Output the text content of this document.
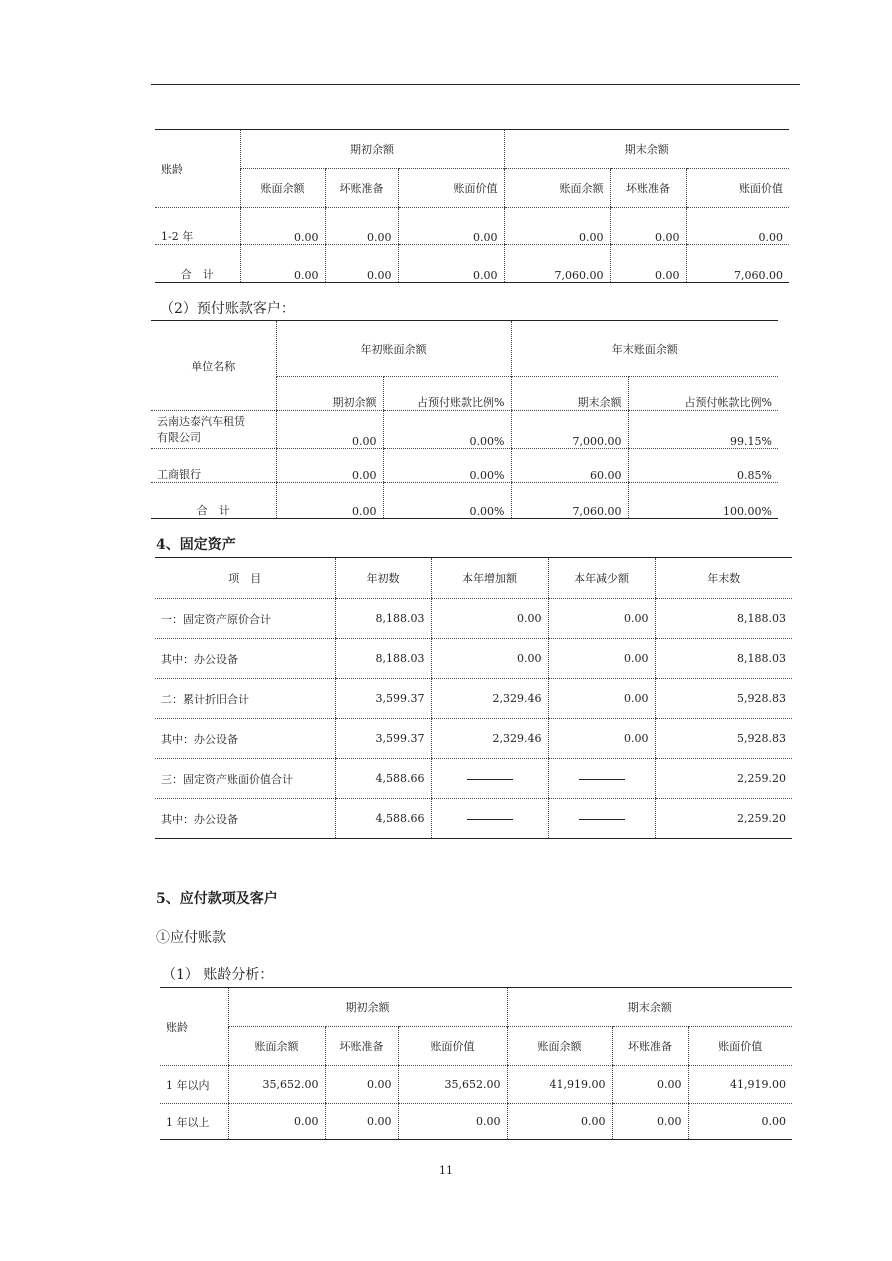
账龄	期初余额			期末余额		
	账面余额	坏账准备	账面价值	账面余额	坏账准备	账面价值
1-2 年	0.00	0.00	0.00	0.00	0.00	0.00
合　计	0.00	0.00	0.00	7,060.00	0.00	7,060.00
（2）预付账款客户：
单位名称	年初账面余额		年末账面余额	
	期初余额	占预付账款比例%	期末余额	占预付帐款比例%
云南达泰汽车租赁
有限公司	0.00	0.00%	7,000.00	99.15%
工商银行	0.00	0.00%	60.00	0.85%
合　计	0.00	0.00%	7,060.00	100.00%
4、固定资产
项　目	年初数	本年增加额	本年减少额	年末数
一：固定资产原价合计	8,188.03	0.00	0.00	8,188.03
其中：办公设备	8,188.03	0.00	0.00	8,188.03
二：累计折旧合计	3,599.37	2,329.46	0.00	5,928.83
其中：办公设备	3,599.37	2,329.46	0.00	5,928.83
三：固定资产账面价值合计	4,588.66			2,259.20
其中：办公设备	4,588.66			2,259.20
5、应付款项及客户
①应付账款
（1） 账龄分析：
账龄	期初余额			期末余额		
	账面余额	坏账准备	账面价值	账面余额	坏账准备	账面价值
1 年以内	35,652.00	0.00	35,652.00	41,919.00	0.00	41,919.00
1 年以上	0.00	0.00	0.00	0.00	0.00	0.00
11
